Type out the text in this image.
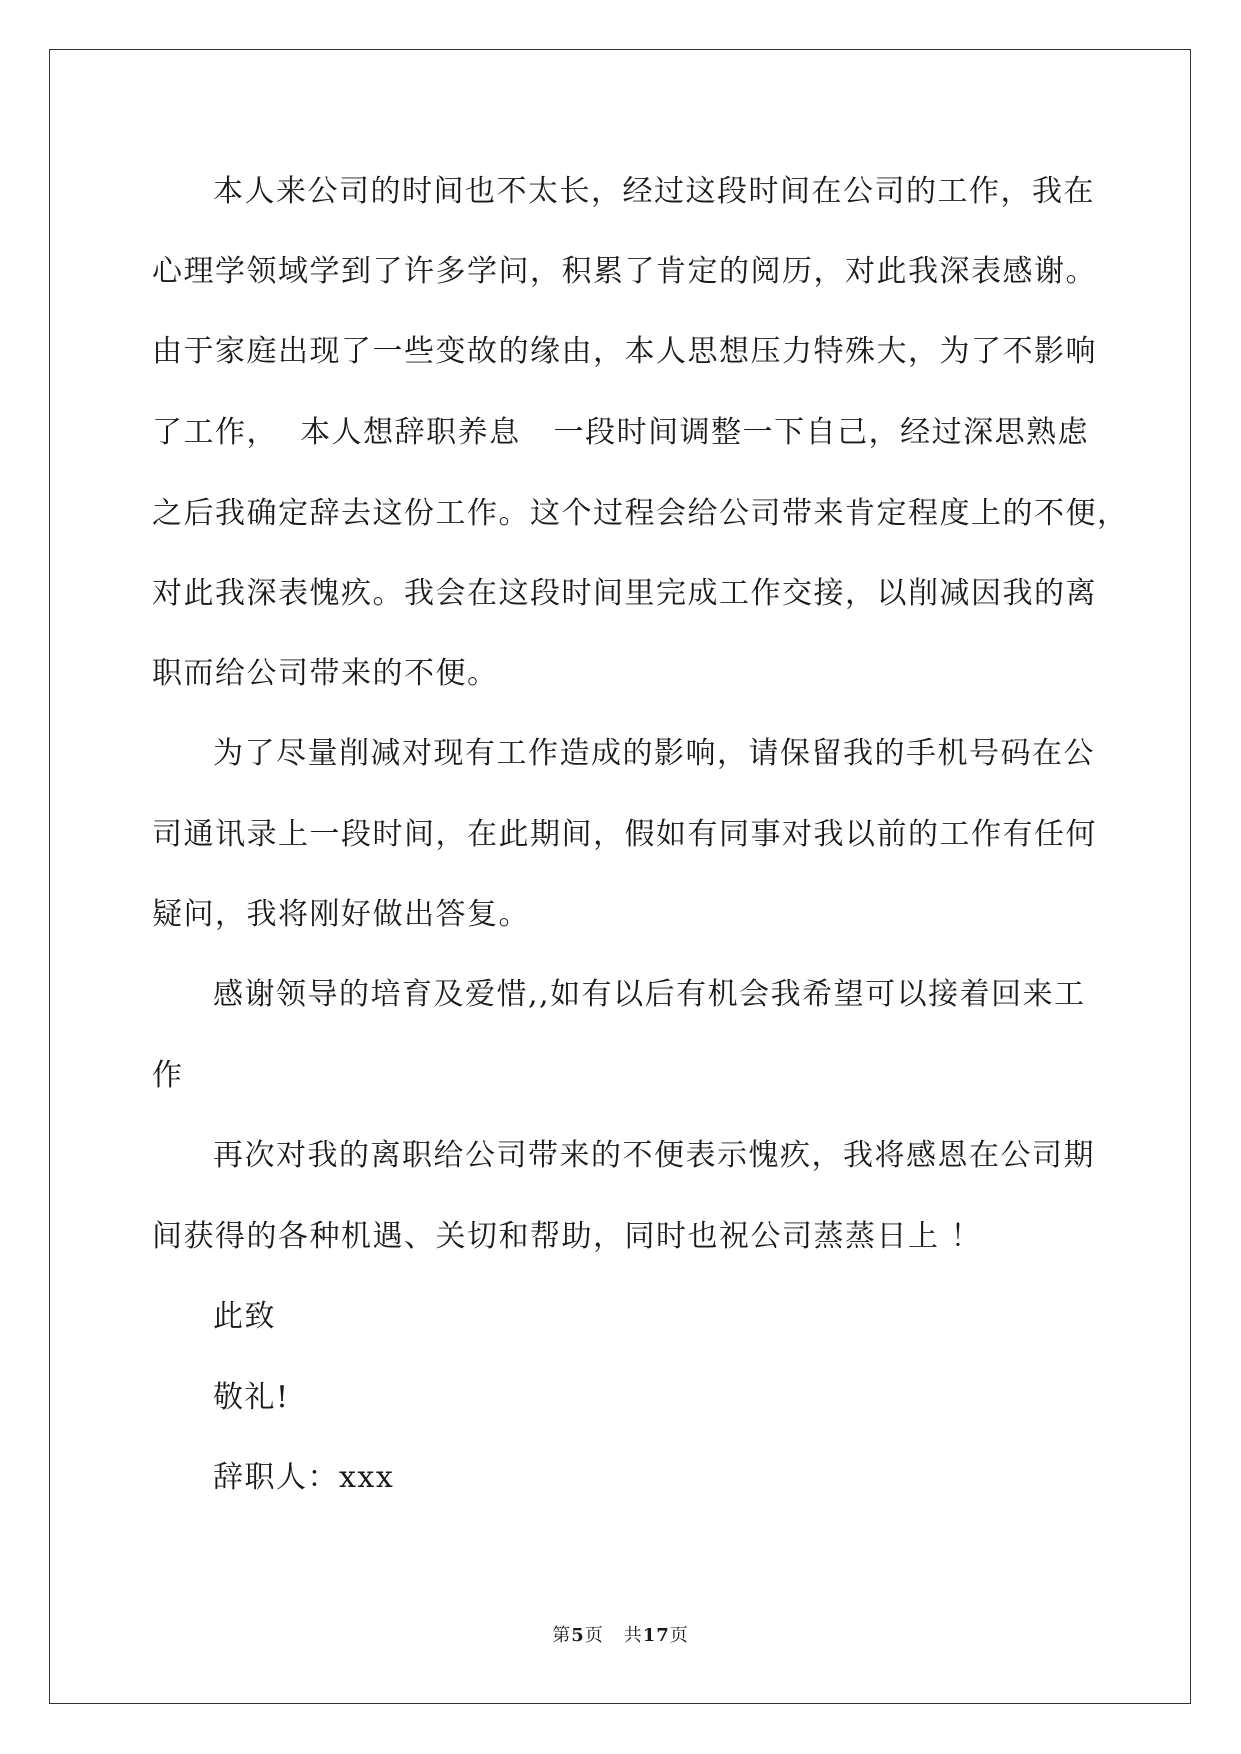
本人来公司的时间也不太长，经过这段时间在公司的工作，我在
心理学领域学到了许多学问，积累了肯定的阅历，对此我深表感谢。
由于家庭出现了一些变故的缘由，本人思想压力特殊大，为了不影响
了工作，  本人想辞职养息   一段时间调整一下自己，经过深思熟虑
之后我确定辞去这份工作。这个过程会给公司带来肯定程度上的不便，
对此我深表愧疚。我会在这段时间里完成工作交接，以削减因我的离
职而给公司带来的不便。
为了尽量削减对现有工作造成的影响，请保留我的手机号码在公
司通讯录上一段时间，在此期间，假如有同事对我以前的工作有任何
疑问，我将刚好做出答复。
感谢领导的培育及爱惜,,如有以后有机会我希望可以接着回来工
作
再次对我的离职给公司带来的不便表示愧疚，我将感恩在公司期
间获得的各种机遇、关切和帮助，同时也祝公司蒸蒸日上 ！
此致
敬礼!
辞职人：xxx
第5页 共17页
